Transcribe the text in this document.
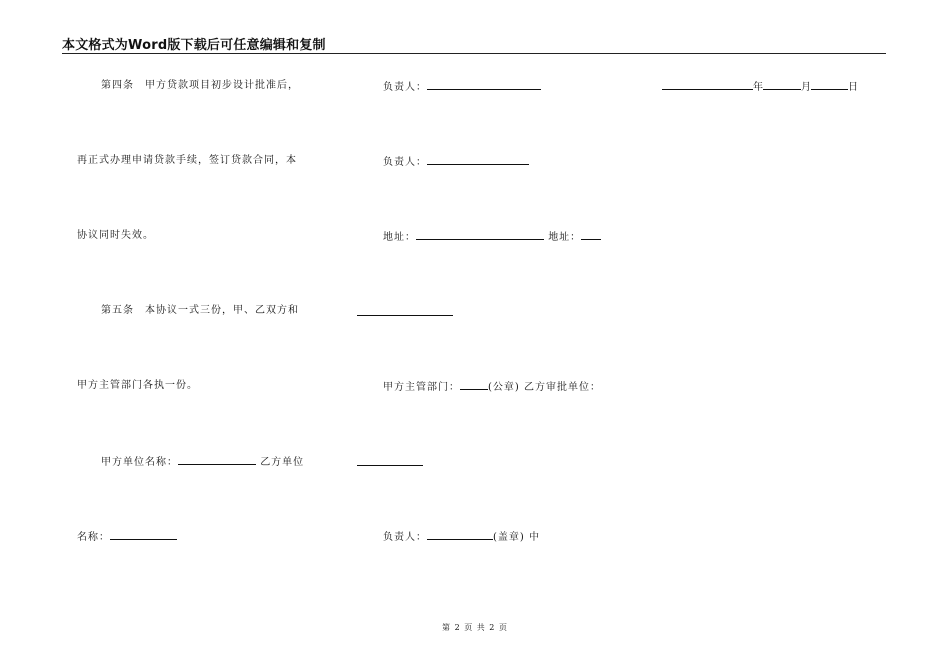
本文格式为Word版下载后可任意编辑和复制
第四条　甲方贷款项目初步设计批准后，	负责人：	年	月	日
再正式办理申请贷款手续，签订贷款合同，本	负责人：
协议同时失效。	地址：	地址：
第五条　本协议一式三份，甲、乙双方和
甲方主管部门各执一份。	甲方主管部门：	(公章) 乙方审批单位：
甲方单位名称：	乙方单位
名称：	负责人：	(盖章) 中
第 2 页 共 2 页
